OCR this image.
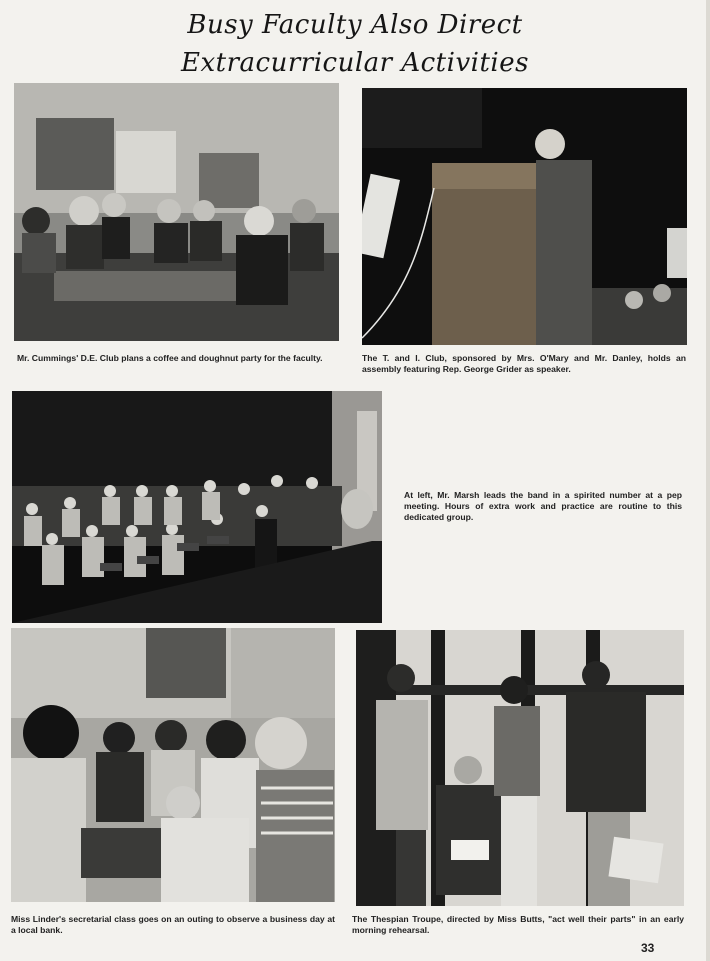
Busy Faculty Also Direct
Extracurricular Activities
Mr. Cummings' D.E. Club plans a coffee and doughnut party for the faculty.	The T. and I. Club, sponsored by Mrs. O'Mary and Mr. Danley, holds an assembly featuring Rep. George Grider as speaker.
At left, Mr. Marsh leads the band in a spirited number at a pep meeting. Hours of extra work and practice are routine to this dedicated group.
Miss Linder's secretarial class goes on an outing to observe a business day at a local bank.
The Thespian Troupe, directed by Miss Butts, "act well their parts" in an early morning rehearsal.
33
